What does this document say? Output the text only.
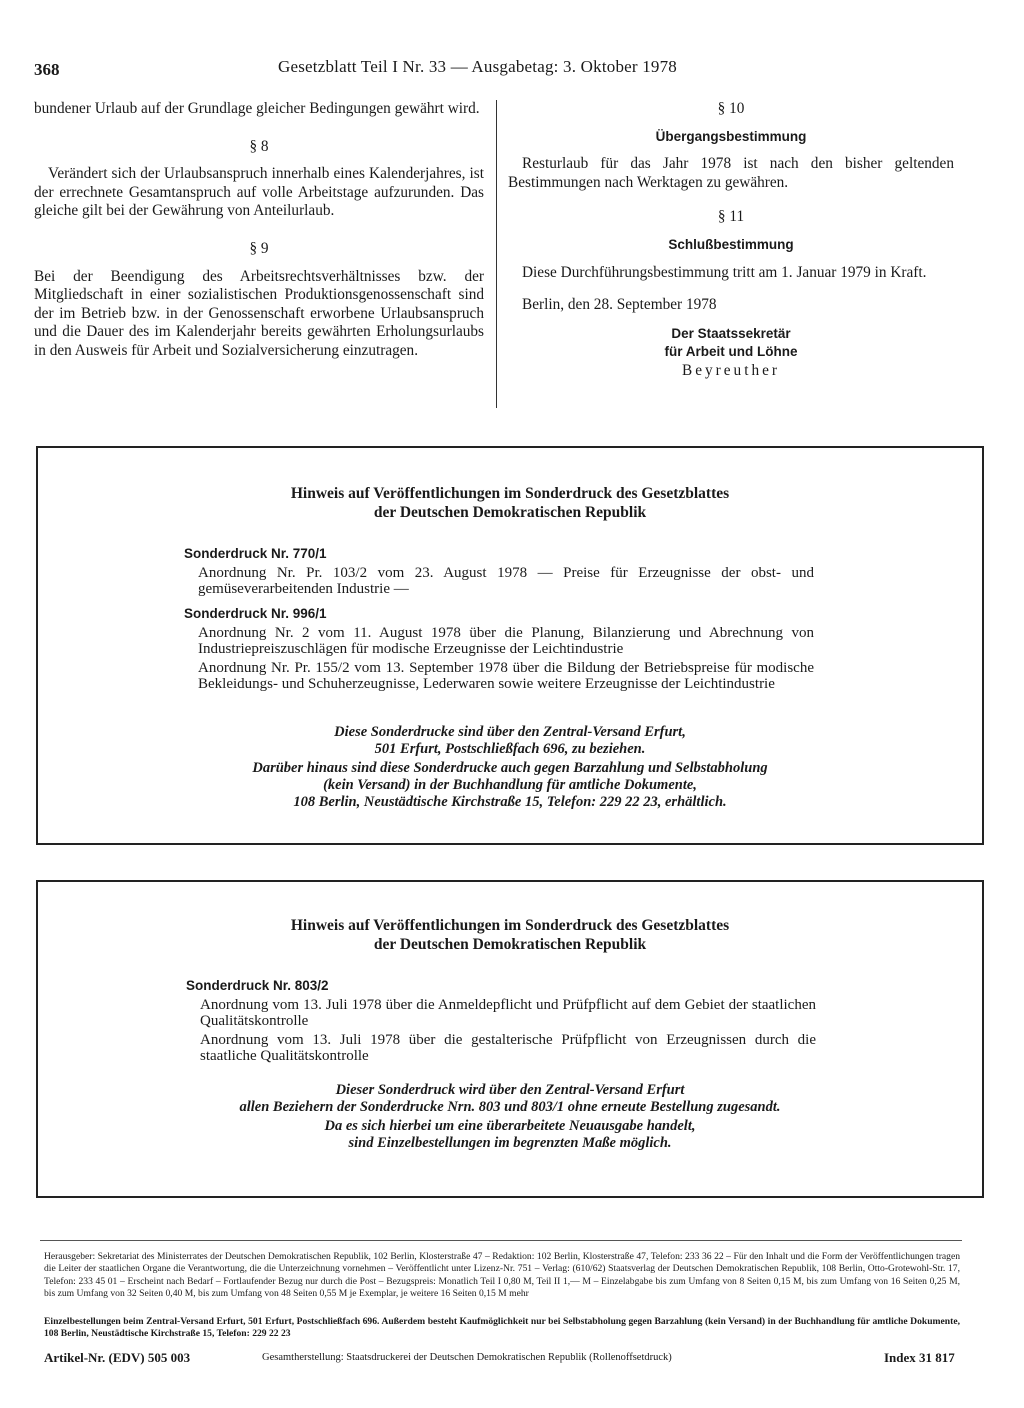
368	Gesetzblatt Teil I Nr. 33 — Ausgabetag: 3. Oktober 1978

bundener Urlaub auf der Grundlage gleicher Bedingungen gewährt wird.

§ 8

Verändert sich der Urlaubsanspruch innerhalb eines Kalenderjahres, ist der errechnete Gesamtanspruch auf volle Arbeitstage aufzurunden. Das gleiche gilt bei der Gewährung von Anteilurlaub.

§ 9

Bei der Beendigung des Arbeitsrechtsverhältnisses bzw. der Mitgliedschaft in einer sozialistischen Produktionsgenossenschaft sind der im Betrieb bzw. in der Genossenschaft erworbene Urlaubsanspruch und die Dauer des im Kalenderjahr bereits gewährten Erholungsurlaubs in den Ausweis für Arbeit und Sozialversicherung einzutragen.

§ 10

Übergangsbestimmung

Resturlaub für das Jahr 1978 ist nach den bisher geltenden Bestimmungen nach Werktagen zu gewähren.

§ 11

Schlußbestimmung

Diese Durchführungsbestimmung tritt am 1. Januar 1979 in Kraft.

Berlin, den 28. September 1978

Der Staatssekretär

für Arbeit und Löhne

Beyreuther

Hinweis auf Veröffentlichungen im Sonderdruck des Gesetzblattes
der Deutschen Demokratischen Republik
Sonderdruck Nr. 770/1
Anordnung Nr. Pr. 103/2 vom 23. August 1978 — Preise für Erzeugnisse der obst- und gemüseverarbeitenden Industrie —
Sonderdruck Nr. 996/1
Anordnung Nr. 2 vom 11. August 1978 über die Planung, Bilanzierung und Abrechnung von Industriepreiszuschlägen für modische Erzeugnisse der Leichtindustrie
Anordnung Nr. Pr. 155/2 vom 13. September 1978 über die Bildung der Betriebspreise für modische Bekleidungs- und Schuherzeugnisse, Lederwaren sowie weitere Erzeugnisse der Leichtindustrie
Diese Sonderdrucke sind über den Zentral-Versand Erfurt,
501 Erfurt, Postschließfach 696, zu beziehen.
Darüber hinaus sind diese Sonderdrucke auch gegen Barzahlung und Selbstabholung
(kein Versand) in der Buchhandlung für amtliche Dokumente,
108 Berlin, Neustädtische Kirchstraße 15, Telefon: 229 22 23, erhältlich.
Hinweis auf Veröffentlichungen im Sonderdruck des Gesetzblattes
der Deutschen Demokratischen Republik
Sonderdruck Nr. 803/2
Anordnung vom 13. Juli 1978 über die Anmeldepflicht und Prüfpflicht auf dem Gebiet der staatlichen Qualitätskontrolle
Anordnung vom 13. Juli 1978 über die gestalterische Prüfpflicht von Erzeugnissen durch die staatliche Qualitätskontrolle
Dieser Sonderdruck wird über den Zentral-Versand Erfurt
allen Beziehern der Sonderdrucke Nrn. 803 und 803/1 ohne erneute Bestellung zugesandt.
Da es sich hierbei um eine überarbeitete Neuausgabe handelt,
sind Einzelbestellungen im begrenzten Maße möglich.
Herausgeber: Sekretariat des Ministerrates der Deutschen Demokratischen Republik, 102 Berlin, Klosterstraße 47 – Redaktion: 102 Berlin, Klosterstraße 47, Telefon: 233 36 22 – Für den Inhalt und die Form der Veröffentlichungen tragen die Leiter der staatlichen Organe die Verantwortung, die die Unterzeichnung vornehmen – Veröffentlicht unter Lizenz-Nr. 751 – Verlag: (610/62) Staatsverlag der Deutschen Demokratischen Republik, 108 Berlin, Otto-Grotewohl-Str. 17, Telefon: 233 45 01 – Erscheint nach Bedarf – Fortlaufender Bezug nur durch die Post – Bezugspreis: Monatlich Teil I 0,80 M, Teil II 1,— M – Einzelabgabe bis zum Umfang von 8 Seiten 0,15 M, bis zum Umfang von 16 Seiten 0,25 M, bis zum Umfang von 32 Seiten 0,40 M, bis zum Umfang von 48 Seiten 0,55 M je Exemplar, je weitere 16 Seiten 0,15 M mehr
Einzelbestellungen beim Zentral-Versand Erfurt, 501 Erfurt, Postschließfach 696. Außerdem besteht Kaufmöglichkeit nur bei Selbstabholung gegen Barzahlung (kein Versand) in der Buchhandlung für amtliche Dokumente, 108 Berlin, Neustädtische Kirchstraße 15, Telefon: 229 22 23
Artikel-Nr. (EDV) 505 003	Gesamtherstellung: Staatsdruckerei der Deutschen Demokratischen Republik (Rollenoffsetdruck)	Index 31 817
